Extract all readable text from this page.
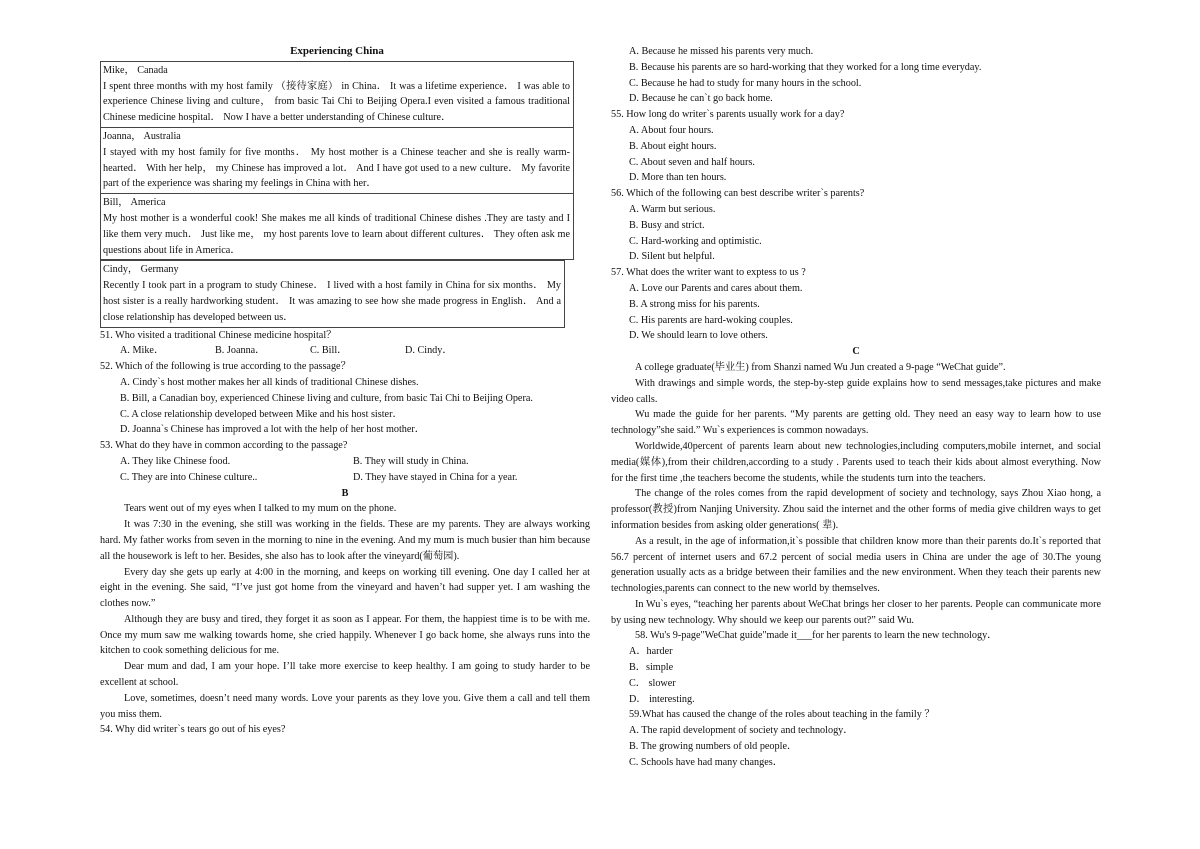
Experiencing China

Mike， Canada

I spent three months with my host family （接待家庭） in China． It was a lifetime experience． I was able to experience Chinese living and culture， from basic Tai Chi to Beijing Opera.I even visited a famous traditional Chinese medicine hospital． Now I have a better understanding of Chinese culture．

Joanna， Australia

I stayed with my host family for five months． My host mother is a Chinese teacher and she is really warm-hearted． With her help， my Chinese has improved a lot． And I have got used to a new culture． My favorite part of the experience was sharing my feelings in China with her．

Bill， America

My host mother is a wonderful cook! She makes me all kinds of traditional Chinese dishes .They are tasty and I like them very much． Just like me， my host parents love to learn about different cultures． They often ask me questions about life in America．

Cindy， Germany

Recently I took part in a program to study Chinese． I lived with a host family in China for six months． My host sister is a really hardworking student． It was amazing to see how she made progress in English． And a close relationship has developed between us．

51. Who visited a traditional Chinese medicine hospital？

A. Mike．	B. Joanna．	C. Bill．	D. Cindy．

52. Which of the following is true according to the passage？

A. Cindy`s host mother makes her all kinds of traditional Chinese dishes.

B. Bill, a Canadian boy, experienced Chinese living and culture, from basic Tai Chi to Beijing Opera.

C. A close relationship developed between Mike and his host sister．

D. Joanna`s Chinese has improved a lot with the help of her host mother．

53. What do they have in common according to the passage?

A. They like Chinese food.	B. They will study in China.
C. They are into Chinese culture..	D. They have stayed in China for a year.

B

Tears went out of my eyes when I talked to my mum on the phone.

It was 7:30 in the evening, she still was working in the fields. These are my parents. They are always working hard. My father works from seven in the morning to nine in the evening. And my mum is much busier than him because all the housework is left to her. Besides, she also has to look after the vineyard(葡萄园).

Every day she gets up early at 4:00 in the morning, and keeps on working till evening. One day I called her at eight in the evening. She said, “I’ve just got home from the vineyard and haven’t had supper yet. I am washing the clothes now.”

Although they are busy and tired, they forget it as soon as I appear. For them, the happiest time is to be with me. Once my mum saw me walking towards home, she cried happily. Whenever I go back home, she always runs into the kitchen to cook something delicious for me.

Dear mum and dad, I am your hope. I’ll take more exercise to keep healthy. I am going to study harder to be excellent at school.

Love, sometimes, doesn’t need many words. Love your parents as they love you. Give them a call and tell them you miss them.

54. Why did writer`s tears go out of his eyes?

A. Because he missed his parents very much.

B. Because his parents are so hard-working that they worked for a long time everyday.

C. Because he had to study for many hours in the school.

D. Because he can`t go back home.

55. How long do writer`s parents usually work for a day?

A. About four hours.

B. About eight hours.

C. About seven and half hours.

D. More than ten hours.

56. Which of the following can best describe writer`s parents?

A. Warm but serious.

B. Busy and strict.

C. Hard-working and optimistic.

D. Silent but helpful.

57. What does the writer want to exptess to us ?

A. Love our Parents and cares about them.

B. A strong miss for his parents.

C. His parents are hard-woking couples.

D. We should learn to love others.

C

A college graduate(毕业生) from Shanzi named Wu Jun created a 9-page “WeChat guide”.

With drawings and simple words, the step-by-step guide explains how to send messages,take pictures and make video calls.

Wu made the guide for her parents. “My parents are getting old. They need an easy way to learn how to use technology”she said.” Wu`s experiences is common nowadays.

Worldwide,40percent of parents learn about new technologies,including computers,mobile internet, and social media(媒体),from their children,according to a study . Parents used to teach their kids about almost everything. Now for the first time ,the teachers become the students, while the students turn into the teachers.

The change of the roles comes from the rapid development of society and technology, says Zhou Xiao hong, a professor(教授)from Nanjing University. Zhou said the internet and the other forms of media give children ways to get information besides from asking older generations( 辈).

As a result, in the age of information,it`s possible that children know more than their parents do.It`s reported that 56.7 percent of internet users and 67.2 percent of social media users in China are under the age of 30.The young generation usually acts as a bridge between their families and the new environment. When they teach their parents new technologies,parents can connect to the new world by themselves.

In Wu`s eyes, “teaching her parents about WeChat brings her closer to her parents. People can communicate more by using new technology. Why should we keep our parents out?” said Wu.

58. Wu's 9-page"WeChat guide"made it___for her parents to learn the new technology．

A．harder

B．simple

C． slower

D． interesting.

59.What has caused the change of the roles about teaching in the family ？

A. The rapid development of society and technology．

B. The growing numbers of old people．

C. Schools have had many changes．
